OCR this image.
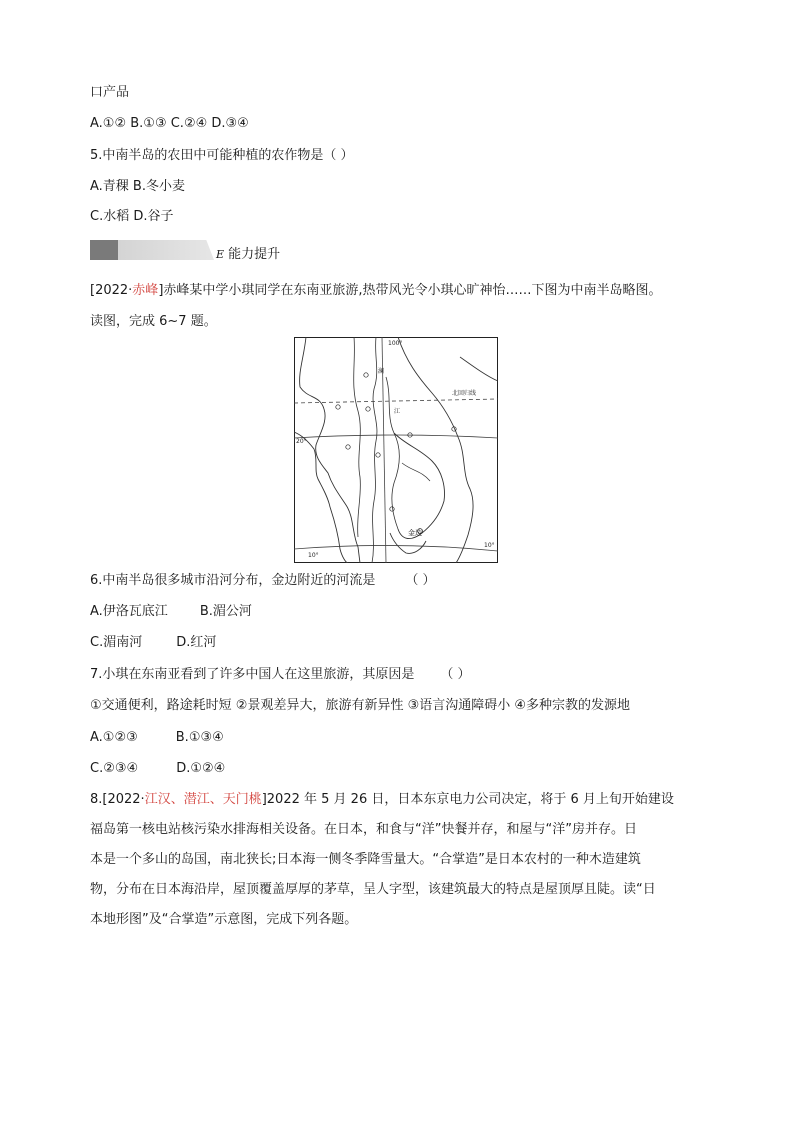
口产品
A.①② B.①③ C.②④ D.③④
5.中南半岛的农田中可能种植的农作物是（ ）
A.青稞 B.冬小麦
C.水稻 D.谷子
E 能力提升
[2022·赤峰]赤峰某中学小琪同学在东南亚旅游,热带风光令小琪心旷神怡……下图为中南半岛略图。
读图，完成 6~7 题。
100°
北回归线
20°
10°
10°
金边
澜
江
6.中南半岛很多城市沿河分布，金边附近的河流是 （ ）
A.伊洛瓦底江 B.湄公河
C.湄南河	D.红河
7.小琪在东南亚看到了许多中国人在这里旅游，其原因是 （ ）
①交通便利，路途耗时短 ②景观差异大，旅游有新异性 ③语言沟通障碍小 ④多种宗教的发源地
A.①②③	B.①③④
C.②③④	D.①②④
8.[2022·江汉、潜江、天门桃]2022 年 5 月 26 日，日本东京电力公司决定，将于 6 月上旬开始建设
福岛第一核电站核污染水排海相关设备。在日本，和食与“洋”快餐并存，和屋与“洋”房并存。日
本是一个多山的岛国，南北狭长;日本海一侧冬季降雪量大。“合掌造”是日本农村的一种木造建筑
物，分布在日本海沿岸，屋顶覆盖厚厚的茅草，呈人字型，该建筑最大的特点是屋顶厚且陡。读“日
本地形图”及“合掌造”示意图，完成下列各题。
